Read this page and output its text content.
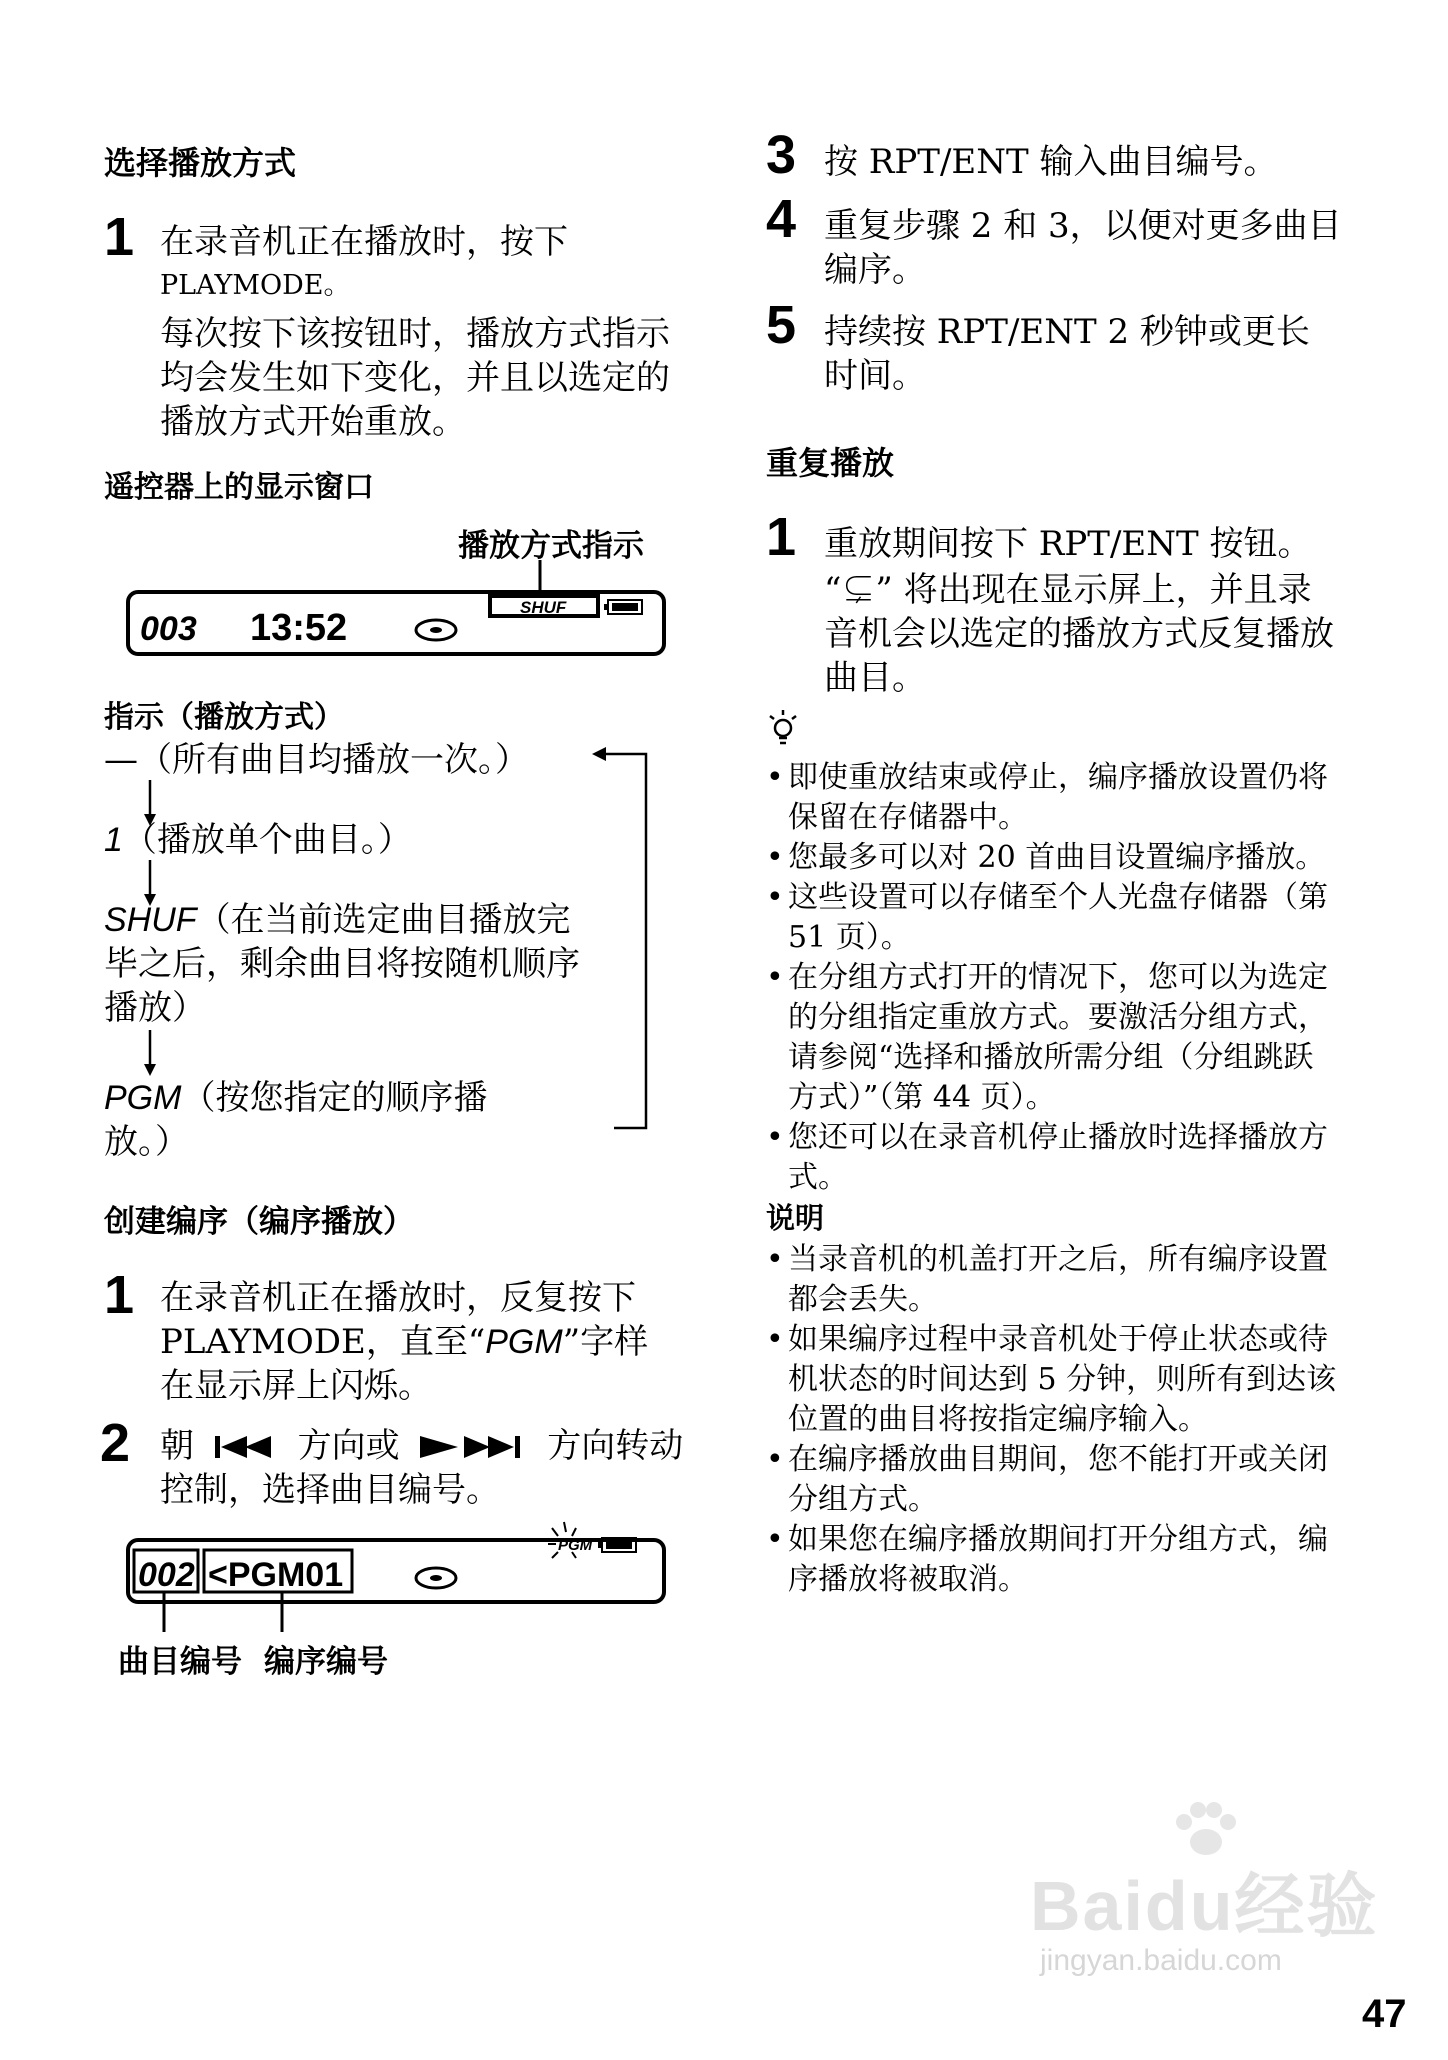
选择播放方式
1 在录音机正在播放时，按下
PLAYMODE。
每次按下该按钮时，播放方式指示均会发生如下变化，并且以选定的播放方式开始重放。
遥控器上的显示窗口
播放方式指示
003 13:52	SHUF
指示（播放方式）
—（所有曲目均播放一次。）
1（播放单个曲目。）
SHUF（在当前选定曲目播放完毕之后，剩余曲目将按随机顺序播放）
PGM（按您指定的顺序播放。）
创建编序（编序播放）
1 在录音机正在播放时，反复按下
PLAYMODE，直至“PGM”字样在显示屏上闪烁。
2 朝	方向或	方向转动
控制，选择曲目编号。
002 <PGM01
PGM
曲目编号 编序编号
3 按 RPT/ENT 输入曲目编号。
4 重复步骤 2 和 3，以便对更多曲目编序。
5 持续按 RPT/ENT 2 秒钟或更长时间。
重复播放
1 重放期间按下 RPT/ENT 按钮。
“⊊” 将出现在显示屏上，并且录音机会以选定的播放方式反复播放曲目。
• 即使重放结束或停止，编序播放设置仍将保留在存储器中。
• 您最多可以对 20 首曲目设置编序播放。
• 这些设置可以存储至个人光盘存储器（第 51 页）。
• 在分组方式打开的情况下，您可以为选定的分组指定重放方式。要激活分组方式，请参阅“选择和播放所需分组（分组跳跃方式）”（第 44 页）。
• 您还可以在录音机停止播放时选择播放方式。
说明
• 当录音机的机盖打开之后，所有编序设置都会丢失。
• 如果编序过程中录音机处于停止状态或待机状态的时间达到 5 分钟，则所有到达该位置的曲目将按指定编序输入。
• 在编序播放曲目期间，您不能打开或关闭分组方式。
• 如果您在编序播放期间打开分组方式，编序播放将被取消。
Baidu经验
jingyan.baidu.com
47
